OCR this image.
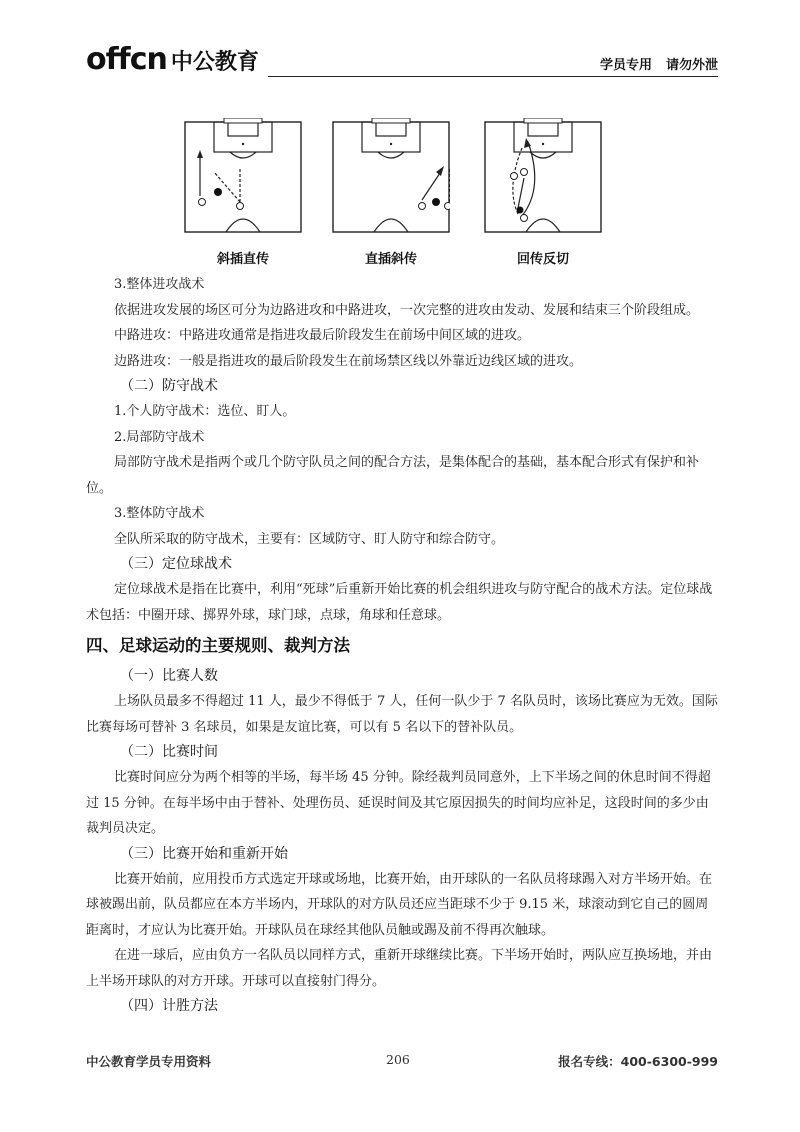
offcn 中公教育	学员专用 请勿外泄
斜插直传	直插斜传	回传反切

3.整体进攻战术

依据进攻发展的场区可分为边路进攻和中路进攻，一次完整的进攻由发动、发展和结束三个阶段组成。

中路进攻：中路进攻通常是指进攻最后阶段发生在前场中间区域的进攻。

边路进攻：一般是指进攻的最后阶段发生在前场禁区线以外靠近边线区域的进攻。

（二）防守战术

1.个人防守战术：选位、盯人。

2.局部防守战术

局部防守战术是指两个或几个防守队员之间的配合方法，是集体配合的基础，基本配合形式有保护和补位。

3.整体防守战术

全队所采取的防守战术，主要有：区域防守、盯人防守和综合防守。

（三）定位球战术

定位球战术是指在比赛中，利用“死球”后重新开始比赛的机会组织进攻与防守配合的战术方法。定位球战术包括：中圈开球、掷界外球，球门球，点球，角球和任意球。

四、足球运动的主要规则、裁判方法
（一）比赛人数

上场队员最多不得超过 11 人，最少不得低于 7 人，任何一队少于 7 名队员时，该场比赛应为无效。国际比赛每场可替补 3 名球员，如果是友谊比赛，可以有 5 名以下的替补队员。

（二）比赛时间

比赛时间应分为两个相等的半场，每半场 45 分钟。除经裁判员同意外，上下半场之间的休息时间不得超过 15 分钟。在每半场中由于替补、处理伤员、延误时间及其它原因损失的时间均应补足，这段时间的多少由裁判员决定。

（三）比赛开始和重新开始

比赛开始前，应用投币方式选定开球或场地，比赛开始，由开球队的一名队员将球踢入对方半场开始。在球被踢出前，队员都应在本方半场内，开球队的对方队员还应当距球不少于 9.15 米，球滚动到它自己的圆周距离时，才应认为比赛开始。开球队员在球经其他队员触或踢及前不得再次触球。

在进一球后，应由负方一名队员以同样方式，重新开球继续比赛。下半场开始时，两队应互换场地，并由上半场开球队的对方开球。开球可以直接射门得分。

（四）计胜方法
中公教育学员专用资料	206	报名专线：400-6300-999
